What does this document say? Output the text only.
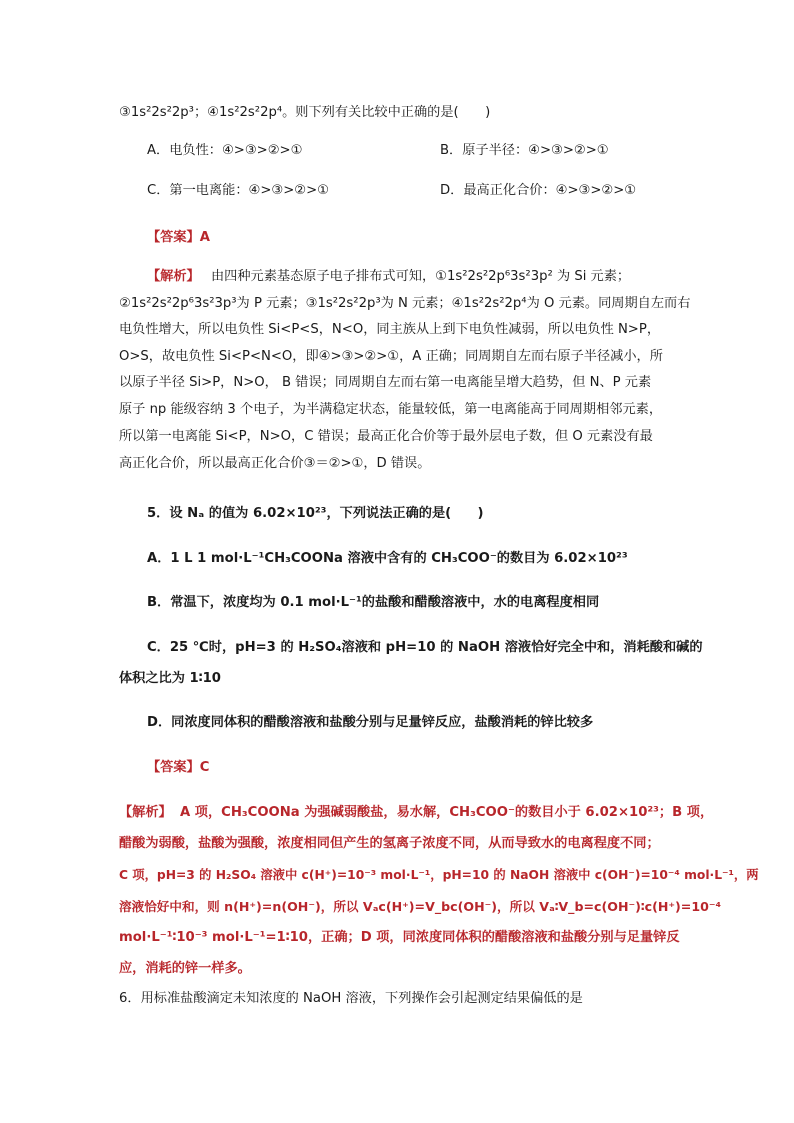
③1s²2s²2p³；④1s²2s²2p⁴。则下列有关比较中正确的是(　　)
A．电负性：④>③>②>①	B．原子半径：④>③>②>①
C．第一电离能：④>③>②>①	D．最高正化合价：④>③>②>①
【答案】A
【解析】 由四种元素基态原子电子排布式可知，①1s²2s²2p⁶3s²3p² 为 Si 元素；
②1s²2s²2p⁶3s²3p³为 P 元素；③1s²2s²2p³为 N 元素；④1s²2s²2p⁴为 O 元素。同周期自左而右
电负性增大，所以电负性 Si<P<S，N<O，同主族从上到下电负性减弱，所以电负性 N>P，
O>S，故电负性 Si<P<N<O，即④>③>②>①，A 正确；同周期自左而右原子半径减小，所
以原子半径 Si>P，N>O， B 错误；同周期自左而右第一电离能呈增大趋势，但 N、P 元素
原子 np 能级容纳 3 个电子，为半满稳定状态，能量较低，第一电离能高于同周期相邻元素，
所以第一电离能 Si<P，N>O，C 错误；最高正化合价等于最外层电子数，但 O 元素没有最
高正化合价，所以最高正化合价③＝②>①，D 错误。
5．设 Nₐ 的值为 6.02×10²³，下列说法正确的是(　　)
A．1 L 1 mol·L⁻¹CH₃COONa 溶液中含有的 CH₃COO⁻的数目为 6.02×10²³
B．常温下，浓度均为 0.1 mol·L⁻¹的盐酸和醋酸溶液中，水的电离程度相同
C．25 ℃时，pH=3 的 H₂SO₄溶液和 pH=10 的 NaOH 溶液恰好完全中和，消耗酸和碱的
体积之比为 1∶10
D．同浓度同体积的醋酸溶液和盐酸分别与足量锌反应，盐酸消耗的锌比较多
【答案】C
【解析】 A 项，CH₃COONa 为强碱弱酸盐，易水解，CH₃COO⁻的数目小于 6.02×10²³；B 项，
醋酸为弱酸，盐酸为强酸，浓度相同但产生的氢离子浓度不同，从而导致水的电离程度不同；
C 项，pH=3 的 H₂SO₄ 溶液中 c(H⁺)=10⁻³ mol·L⁻¹，pH=10 的 NaOH 溶液中 c(OH⁻)=10⁻⁴ mol·L⁻¹，两
溶液恰好中和，则 n(H⁺)=n(OH⁻)，所以 Vₐc(H⁺)=V_bc(OH⁻)，所以 Vₐ∶V_b=c(OH⁻)∶c(H⁺)=10⁻⁴
mol·L⁻¹∶10⁻³ mol·L⁻¹=1∶10，正确；D 项，同浓度同体积的醋酸溶液和盐酸分别与足量锌反
应，消耗的锌一样多。
6．用标准盐酸滴定未知浓度的 NaOH 溶液，下列操作会引起测定结果偏低的是
